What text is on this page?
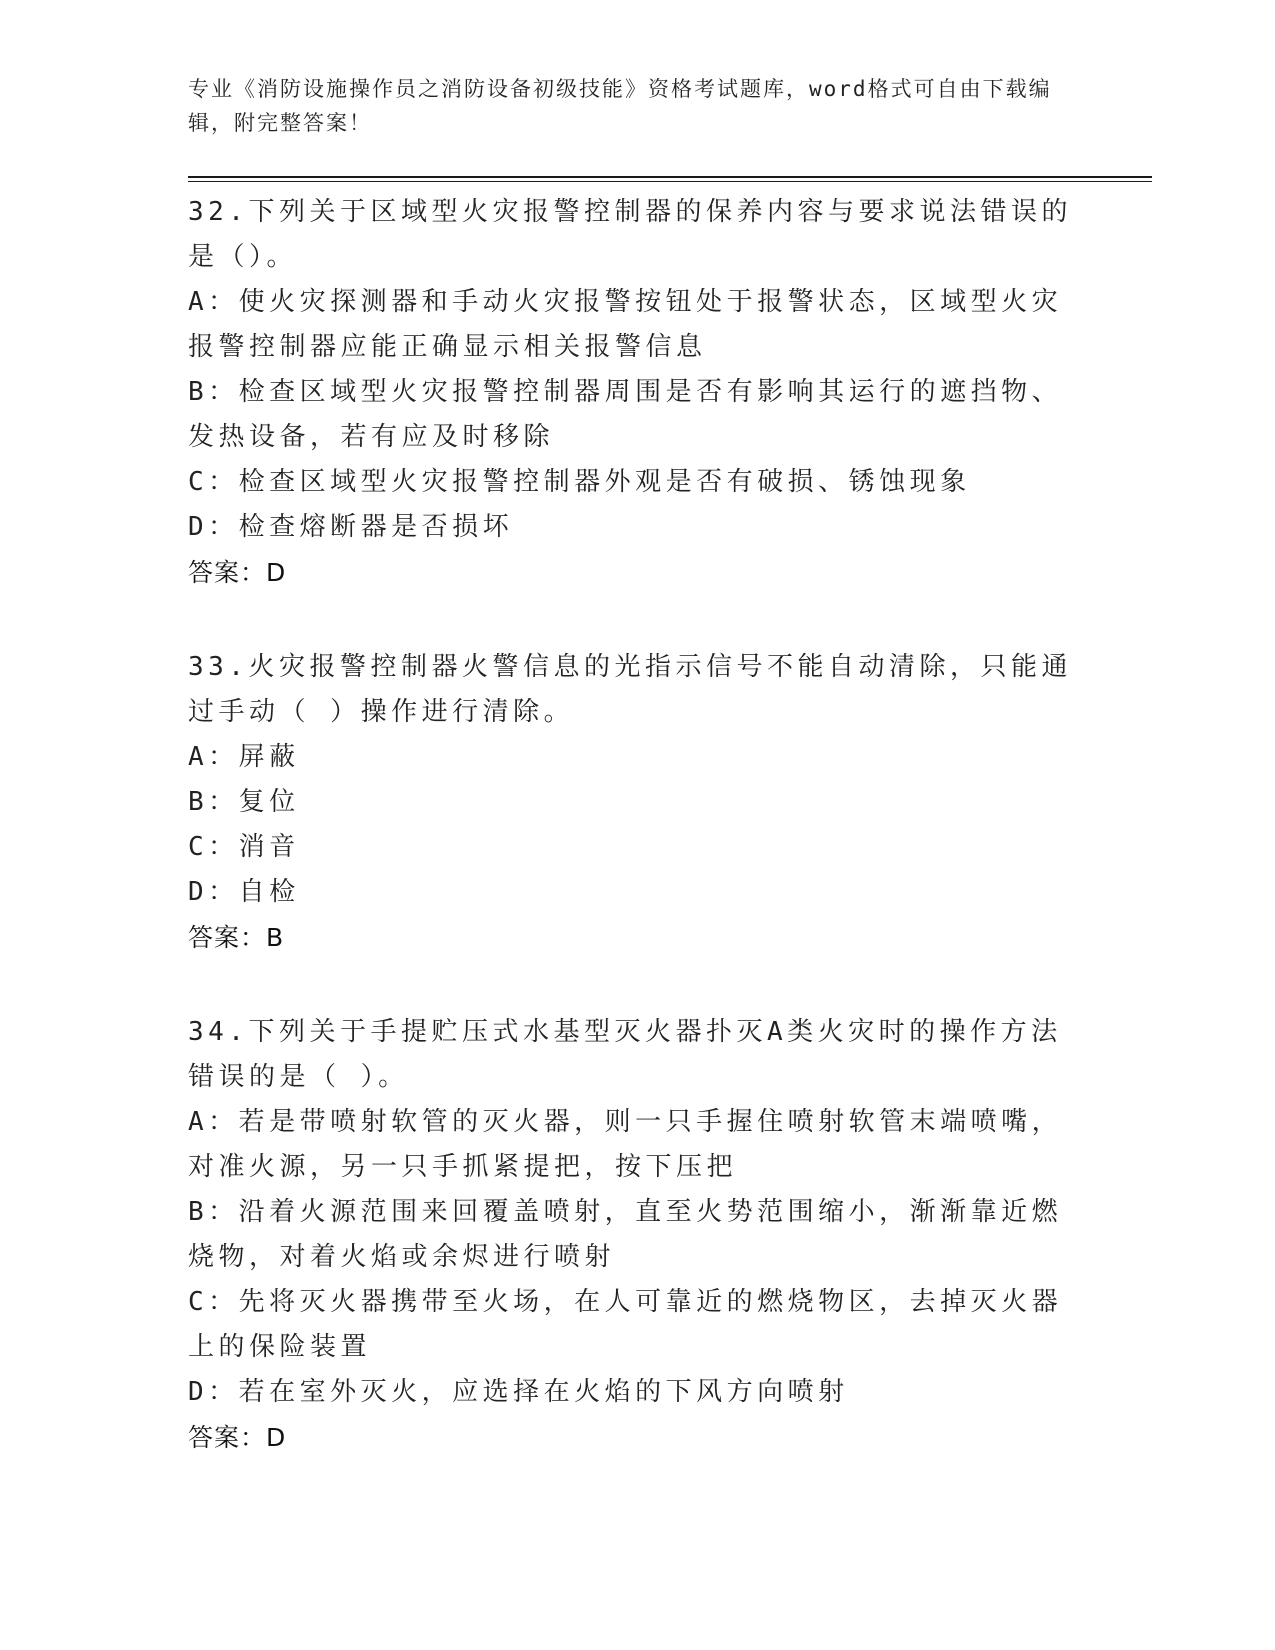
专业《消防设施操作员之消防设备初级技能》资格考试题库，word格式可自由下载编辑，附完整答案！

32.下列关于区域型火灾报警控制器的保养内容与要求说法错误的是（）。

A：使火灾探测器和手动火灾报警按钮处于报警状态，区域型火灾报警控制器应能正确显示相关报警信息

B：检查区域型火灾报警控制器周围是否有影响其运行的遮挡物、发热设备，若有应及时移除

C：检查区域型火灾报警控制器外观是否有破损、锈蚀现象

D：检查熔断器是否损坏

答案：D

33.火灾报警控制器火警信息的光指示信号不能自动清除，只能通过手动（ ）操作进行清除。

A：屏蔽

B：复位

C：消音

D：自检

答案：B

34.下列关于手提贮压式水基型灭火器扑灭A类火灾时的操作方法错误的是（ ）。

A：若是带喷射软管的灭火器，则一只手握住喷射软管末端喷嘴，对准火源，另一只手抓紧提把，按下压把

B：沿着火源范围来回覆盖喷射，直至火势范围缩小，渐渐靠近燃烧物，对着火焰或余烬进行喷射

C：先将灭火器携带至火场，在人可靠近的燃烧物区，去掉灭火器上的保险装置

D：若在室外灭火，应选择在火焰的下风方向喷射

答案：D
